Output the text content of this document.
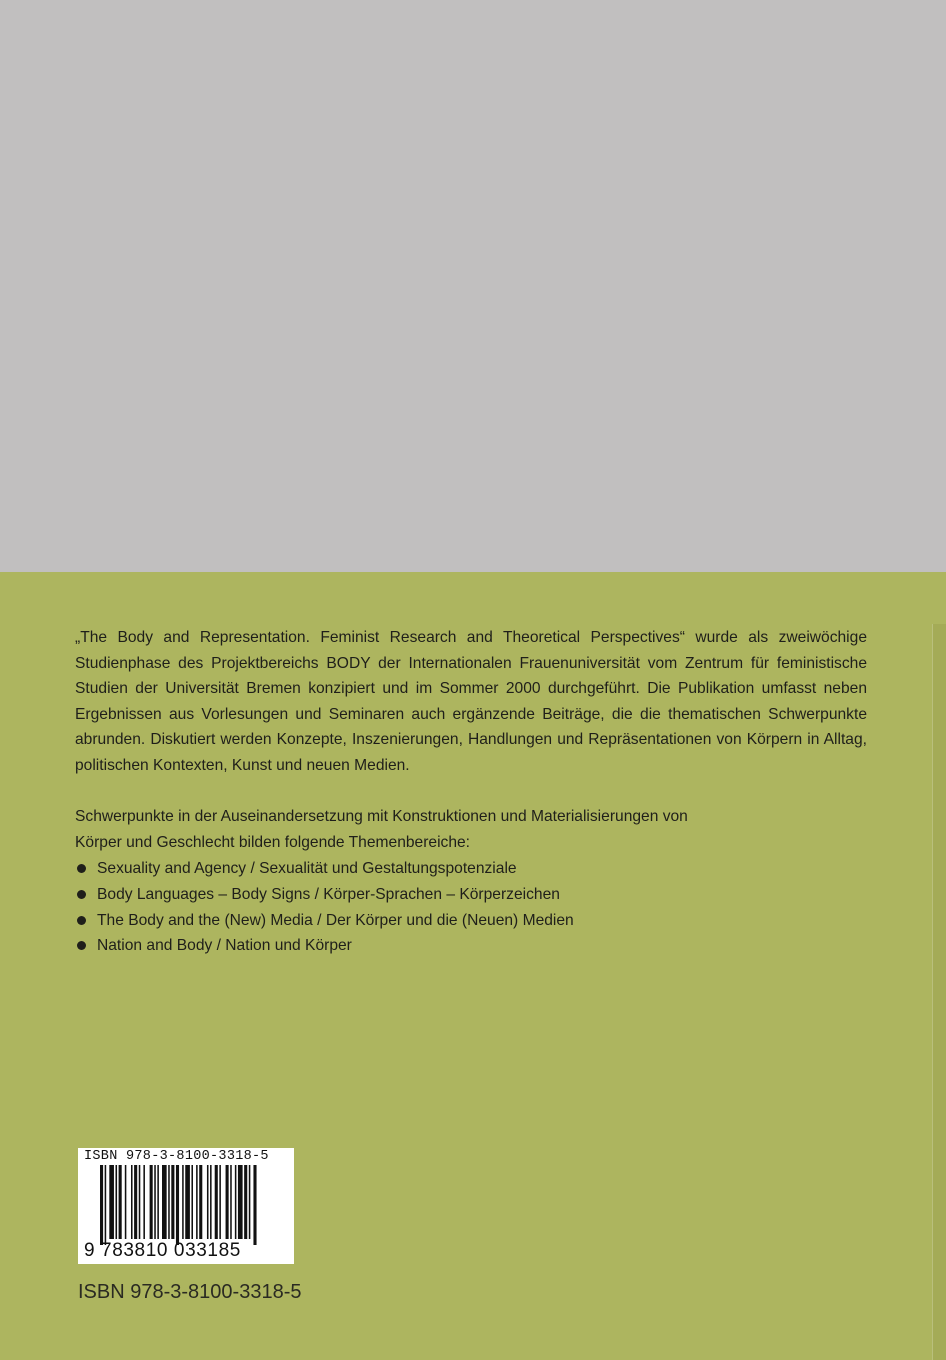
„The Body and Representation. Feminist Research and Theoretical Perspectives“ wurde als zweiwöchige Studienphase des Projektbereichs BODY der Internationalen Frauenuniversität vom Zentrum für feministische Studien der Universität Bremen konzipiert und im Sommer 2000 durchgeführt. Die Publikation umfasst neben Ergebnissen aus Vorlesungen und Seminaren auch ergänzende Beiträge, die die thematischen Schwerpunkte abrunden. Diskutiert werden Konzepte, Inszenierungen, Handlungen und Repräsentationen von Körpern in Alltag, politischen Kontexten, Kunst und neuen Medien.

Schwerpunkte in der Auseinandersetzung mit Konstruktionen und Materialisierungen von Körper und Geschlecht bilden folgende Themenbereiche:

Sexuality and Agency / Sexualität und Gestaltungspotenziale
Body Languages – Body Signs / Körper-Sprachen – Körperzeichen
The Body and the (New) Media / Der Körper und die (Neuen) Medien
Nation and Body / Nation und Körper
ISBN 978-3-8100-3318-5
9 783810 033185
ISBN 978-3-8100-3318-5
